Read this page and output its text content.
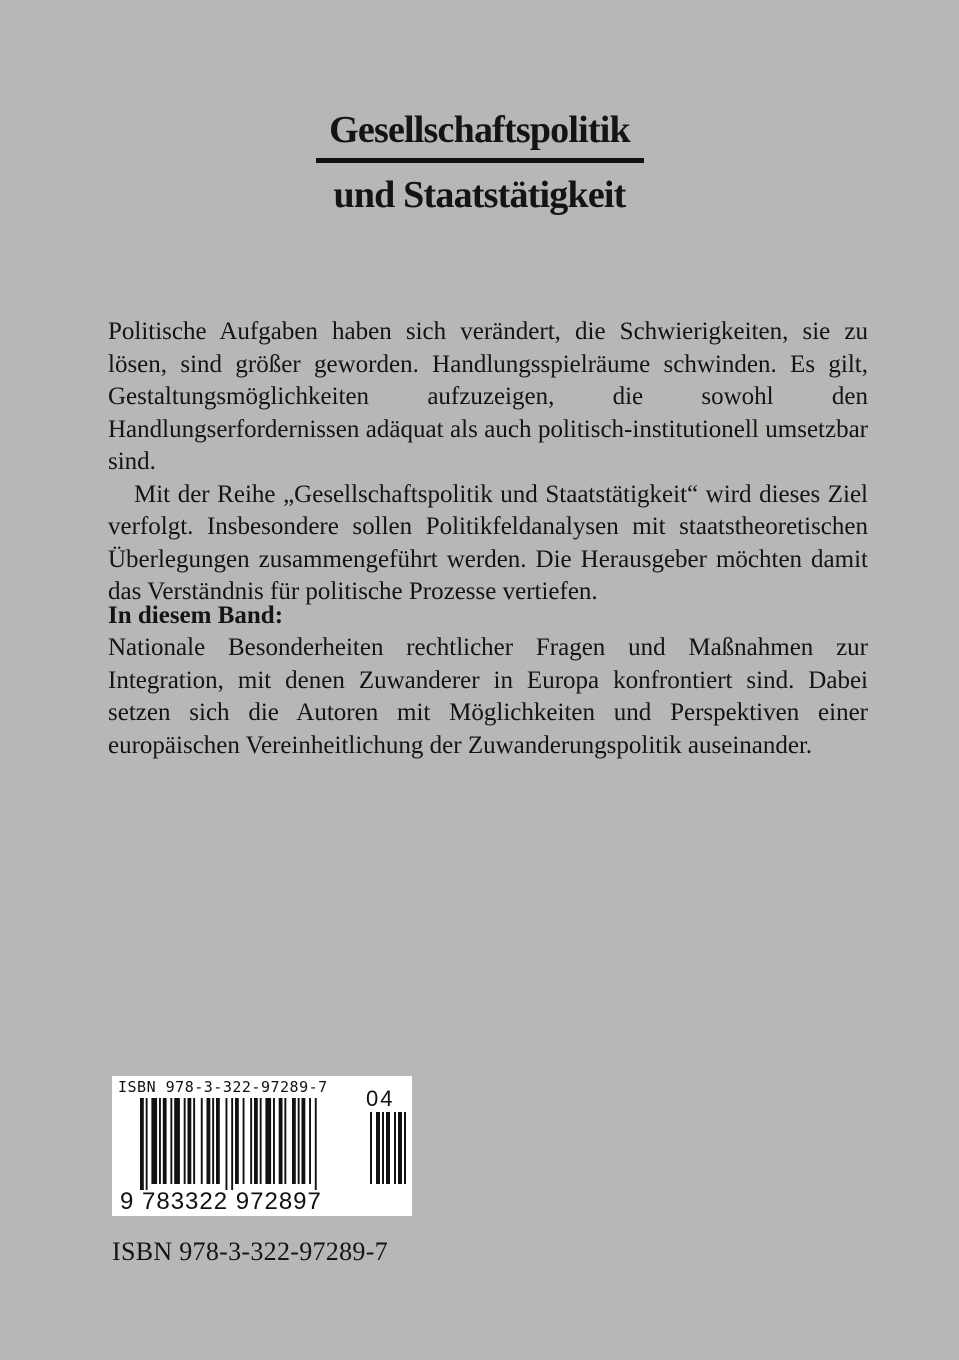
Gesellschaftspolitik
und Staatstätigkeit

Politische Aufgaben haben sich verändert, die Schwierigkeiten, sie zu lösen, sind größer geworden. Handlungsspielräume schwinden. Es gilt, Gestaltungsmöglichkeiten aufzuzeigen, die sowohl den Handlungserfordernissen adäquat als auch politisch-institutionell umsetzbar sind.

Mit der Reihe „Gesellschaftspolitik und Staatstätigkeit“ wird dieses Ziel verfolgt. Insbesondere sollen Politikfeldanalysen mit staatstheoretischen Überlegungen zusammengeführt werden. Die Herausgeber möchten damit das Verständnis für politische Prozesse vertiefen.

In diesem Band:
Nationale Besonderheiten rechtlicher Fragen und Maßnahmen zur Integration, mit denen Zuwanderer in Europa konfrontiert sind. Dabei setzen sich die Autoren mit Möglichkeiten und Perspektiven einer europäischen Vereinheitlichung der Zuwanderungspolitik auseinander.
ISBN 978-3-322-97289-7 04
9 783322 972897
ISBN 978-3-322-97289-7
